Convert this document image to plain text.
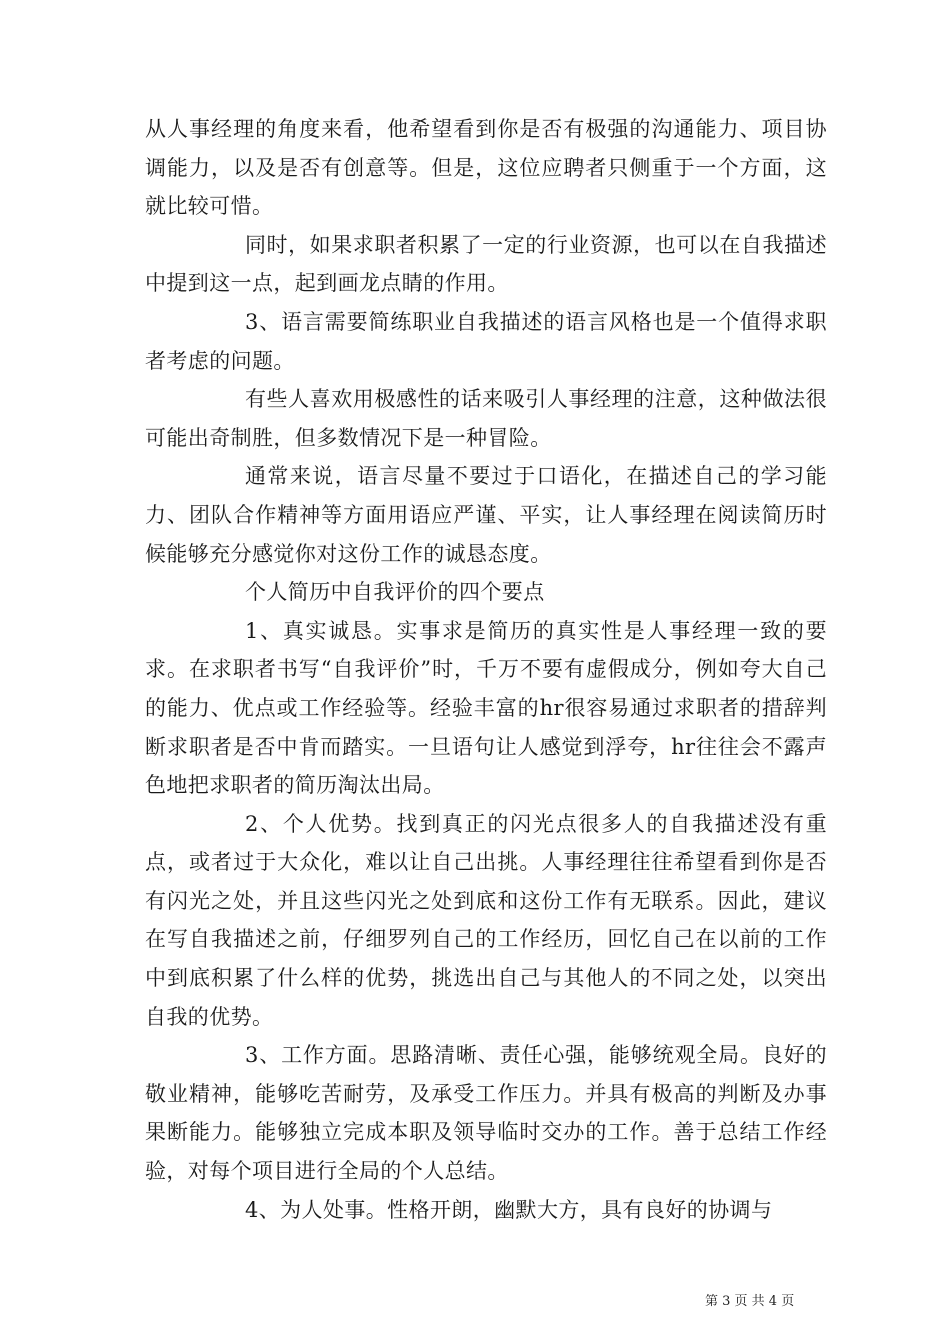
从人事经理的角度来看，他希望看到你是否有极强的沟通能力、项目协调能力，以及是否有创意等。但是，这位应聘者只侧重于一个方面，这就比较可惜。

同时，如果求职者积累了一定的行业资源，也可以在自我描述中提到这一点，起到画龙点睛的作用。

3、语言需要简练职业自我描述的语言风格也是一个值得求职者考虑的问题。

有些人喜欢用极感性的话来吸引人事经理的注意，这种做法很可能出奇制胜，但多数情况下是一种冒险。

通常来说，语言尽量不要过于口语化，在描述自己的学习能力、团队合作精神等方面用语应严谨、平实，让人事经理在阅读简历时候能够充分感觉你对这份工作的诚恳态度。

个人简历中自我评价的四个要点

1、真实诚恳。实事求是简历的真实性是人事经理一致的要求。在求职者书写“自我评价”时，千万不要有虚假成分，例如夸大自己的能力、优点或工作经验等。经验丰富的hr很容易通过求职者的措辞判断求职者是否中肯而踏实。一旦语句让人感觉到浮夸，hr往往会不露声色地把求职者的简历淘汰出局。

2、个人优势。找到真正的闪光点很多人的自我描述没有重点，或者过于大众化，难以让自己出挑。人事经理往往希望看到你是否有闪光之处，并且这些闪光之处到底和这份工作有无联系。因此，建议在写自我描述之前，仔细罗列自己的工作经历，回忆自己在以前的工作中到底积累了什么样的优势，挑选出自己与其他人的不同之处，以突出自我的优势。

3、工作方面。思路清晰、责任心强，能够统观全局。良好的敬业精神，能够吃苦耐劳，及承受工作压力。并具有极高的判断及办事果断能力。能够独立完成本职及领导临时交办的工作。善于总结工作经验，对每个项目进行全局的个人总结。

4、为人处事。性格开朗，幽默大方，具有良好的协调与

第 3 页 共 4 页
